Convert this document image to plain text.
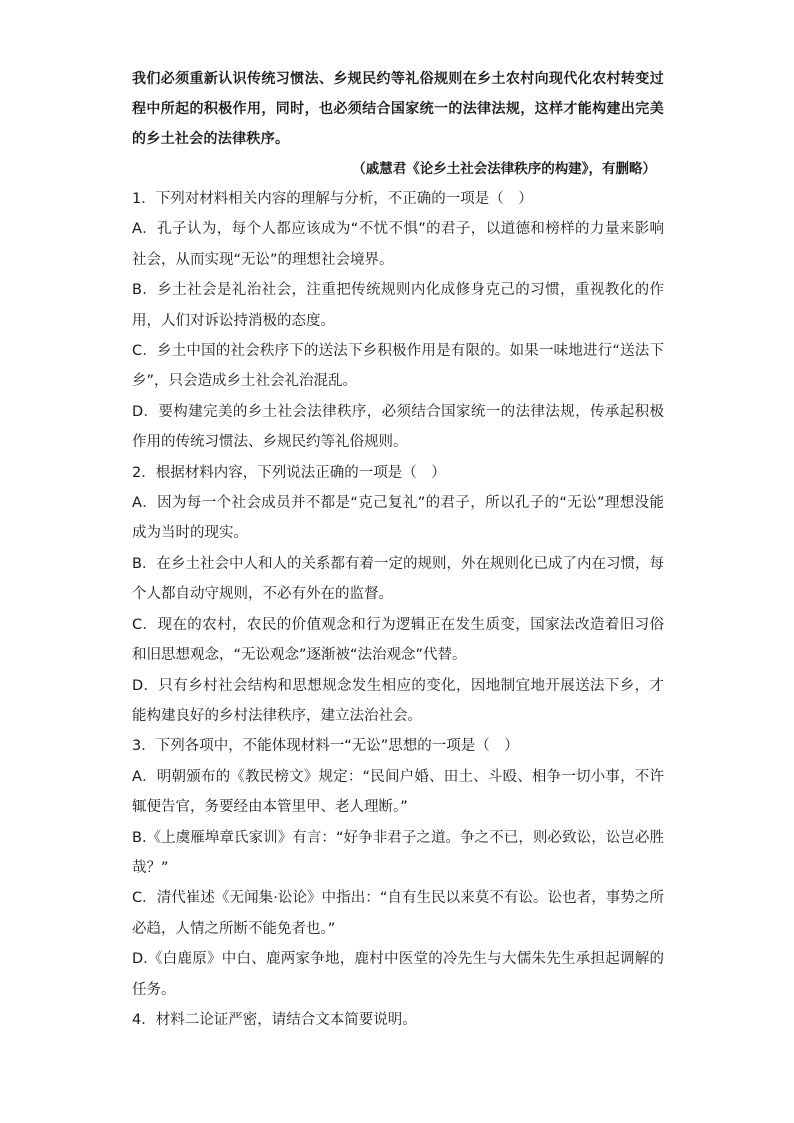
我们必须重新认识传统习惯法、乡规民约等礼俗规则在乡土农村向现代化农村转变过程中所起的积极作用，同时，也必须结合国家统一的法律法规，这样才能构建出完美的乡土社会的法律秩序。

（戚慧君《论乡土社会法律秩序的构建》，有删略）

1．下列对材料相关内容的理解与分析，不正确的一项是（　）

A．孔子认为，每个人都应该成为“不忧不惧”的君子，以道德和榜样的力量来影响社会，从而实现“无讼”的理想社会境界。

B．乡土社会是礼治社会，注重把传统规则内化成修身克己的习惯，重视教化的作用，人们对诉讼持消极的态度。

C．乡土中国的社会秩序下的送法下乡积极作用是有限的。如果一味地进行“送法下乡”，只会造成乡土社会礼治混乱。

D．要构建完美的乡土社会法律秩序，必须结合国家统一的法律法规，传承起积极作用的传统习惯法、乡规民约等礼俗规则。

2．根据材料内容，下列说法正确的一项是（　）

A．因为每一个社会成员并不都是“克己复礼”的君子，所以孔子的“无讼”理想没能成为当时的现实。

B．在乡土社会中人和人的关系都有着一定的规则，外在规则化已成了内在习惯，每个人都自动守规则，不必有外在的监督。

C．现在的农村，农民的价值观念和行为逻辑正在发生质变，国家法改造着旧习俗和旧思想观念，“无讼观念”逐渐被“法治观念”代替。

D．只有乡村社会结构和思想规念发生相应的变化，因地制宜地开展送法下乡，才能构建良好的乡村法律秩序，建立法治社会。

3．下列各项中，不能体现材料一“无讼”思想的一项是（　）

A．明朝颁布的《教民榜文》规定：“民间户婚、田土、斗殴、相争一切小事，不许辄便告官，务要经由本管里甲、老人理断。”

B.《上虞雁埠章氏家训》有言：“好争非君子之道。争之不已，则必致讼，讼岂必胜哉？”

C．清代崔述《无闻集·讼论》中指出：“自有生民以来莫不有讼。讼也者，事势之所必趋，人情之所断不能免者也。”

D.《白鹿原》中白、鹿两家争地，鹿村中医堂的冷先生与大儒朱先生承担起调解的任务。

4．材料二论证严密，请结合文本简要说明。
